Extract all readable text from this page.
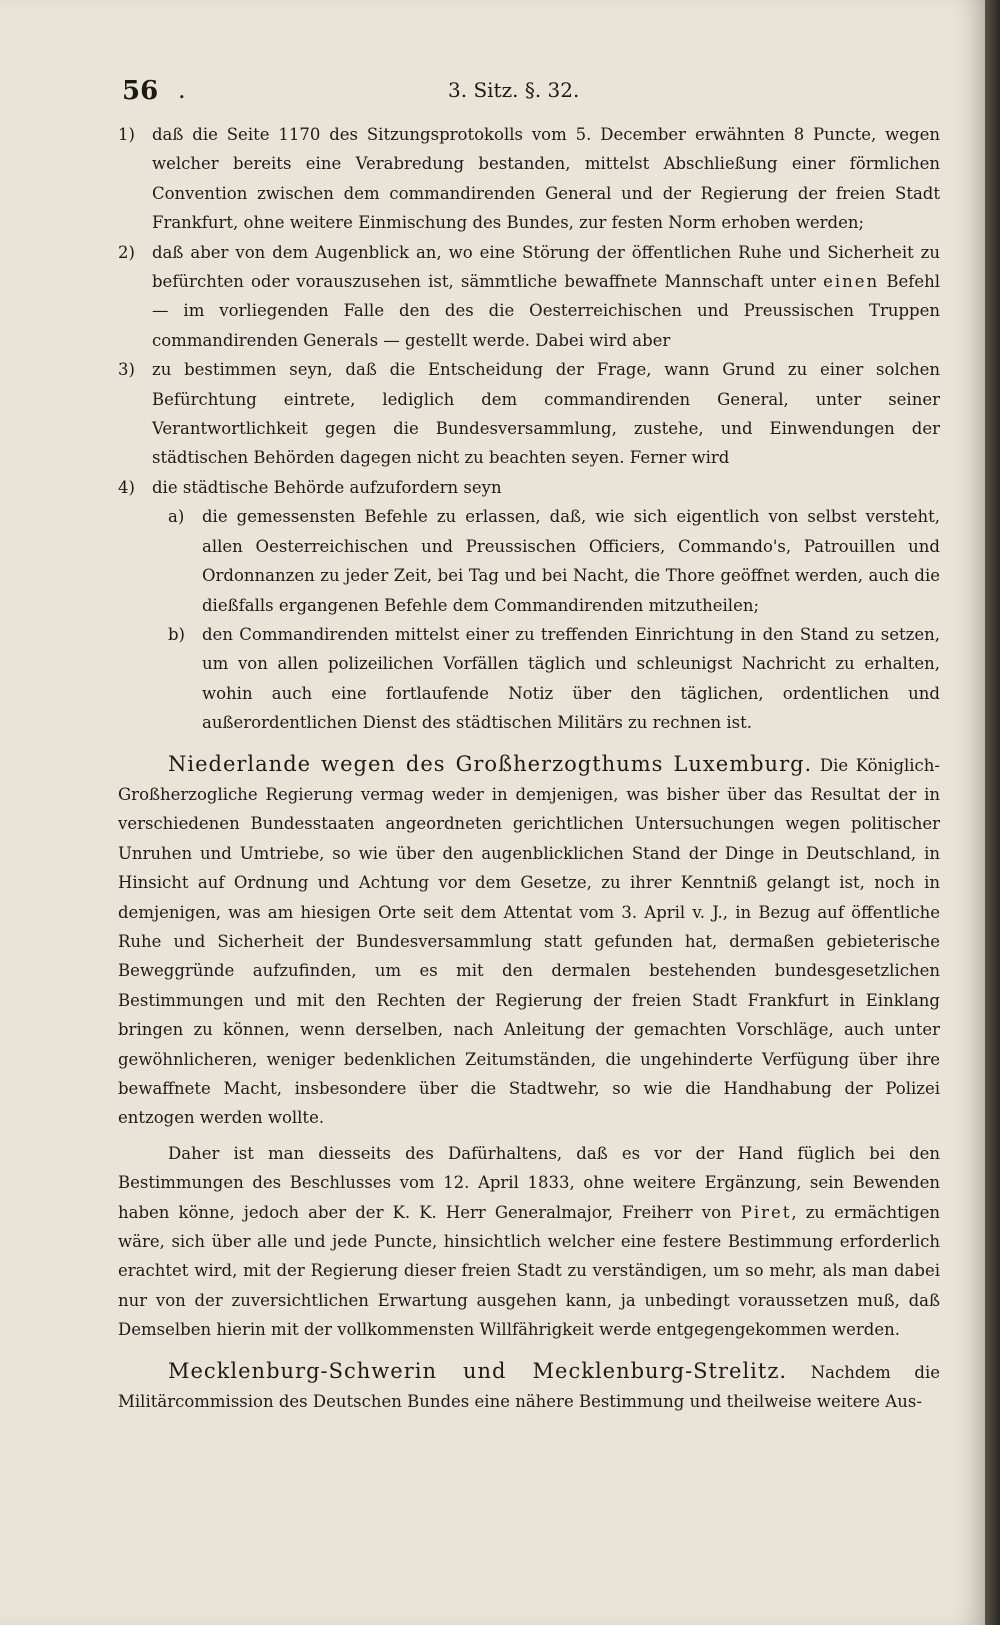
56 .	3. Sitz. §. 32.
1)	daß die Seite 1170 des Sitzungsprotokolls vom 5. December erwähnten 8 Puncte, wegen welcher bereits eine Verabredung bestanden, mittelst Abschließung einer förmlichen Convention zwischen dem commandirenden General und der Regierung der freien Stadt Frankfurt, ohne weitere Einmischung des Bundes, zur festen Norm erhoben werden;
2)	daß aber von dem Augenblick an, wo eine Störung der öffentlichen Ruhe und Sicherheit zu befürchten oder vorauszusehen ist, sämmtliche bewaffnete Mannschaft unter einen Befehl — im vorliegenden Falle den des die Oesterreichischen und Preussischen Truppen commandirenden Generals — gestellt werde. Dabei wird aber
3)	zu bestimmen seyn, daß die Entscheidung der Frage, wann Grund zu einer solchen Befürchtung eintrete, lediglich dem commandirenden General, unter seiner Verantwortlichkeit gegen die Bundesversammlung, zustehe, und Einwendungen der städtischen Behörden dagegen nicht zu beachten seyen. Ferner wird
4)	die städtische Behörde aufzufordern seyn
a)	die gemessensten Befehle zu erlassen, daß, wie sich eigentlich von selbst versteht, allen Oesterreichischen und Preussischen Officiers, Commando's, Patrouillen und Ordonnanzen zu jeder Zeit, bei Tag und bei Nacht, die Thore geöffnet werden, auch die dießfalls ergangenen Befehle dem Commandirenden mitzutheilen;
b)	den Commandirenden mittelst einer zu treffenden Einrichtung in den Stand zu setzen, um von allen polizeilichen Vorfällen täglich und schleunigst Nachricht zu erhalten, wohin auch eine fortlaufende Notiz über den täglichen, ordentlichen und außerordentlichen Dienst des städtischen Militärs zu rechnen ist.

Niederlande wegen des Großherzogthums Luxemburg. Die Königlich-Großherzogliche Regierung vermag weder in demjenigen, was bisher über das Resultat der in verschiedenen Bundesstaaten angeordneten gerichtlichen Untersuchungen wegen politischer Unruhen und Umtriebe, so wie über den augenblicklichen Stand der Dinge in Deutschland, in Hinsicht auf Ordnung und Achtung vor dem Gesetze, zu ihrer Kenntniß gelangt ist, noch in demjenigen, was am hiesigen Orte seit dem Attentat vom 3. April v. J., in Bezug auf öffentliche Ruhe und Sicherheit der Bundesversammlung statt gefunden hat, dermaßen gebieterische Beweggründe aufzufinden, um es mit den dermalen bestehenden bundesgesetzlichen Bestimmungen und mit den Rechten der Regierung der freien Stadt Frankfurt in Einklang bringen zu können, wenn derselben, nach Anleitung der gemachten Vorschläge, auch unter gewöhnlicheren, weniger bedenklichen Zeitumständen, die ungehinderte Verfügung über ihre bewaffnete Macht, insbesondere über die Stadtwehr, so wie die Handhabung der Polizei entzogen werden wollte.

Daher ist man diesseits des Dafürhaltens, daß es vor der Hand füglich bei den Bestimmungen des Beschlusses vom 12. April 1833, ohne weitere Ergänzung, sein Bewenden haben könne, jedoch aber der K. K. Herr Generalmajor, Freiherr von Piret, zu ermächtigen wäre, sich über alle und jede Puncte, hinsichtlich welcher eine festere Bestimmung erforderlich erachtet wird, mit der Regierung dieser freien Stadt zu verständigen, um so mehr, als man dabei nur von der zuversichtlichen Erwartung ausgehen kann, ja unbedingt voraussetzen muß, daß Demselben hierin mit der vollkommensten Willfährigkeit werde entgegengekommen werden.

Mecklenburg-Schwerin und Mecklenburg-Strelitz. Nachdem die Militärcommission des Deutschen Bundes eine nähere Bestimmung und theilweise weitere Aus-
